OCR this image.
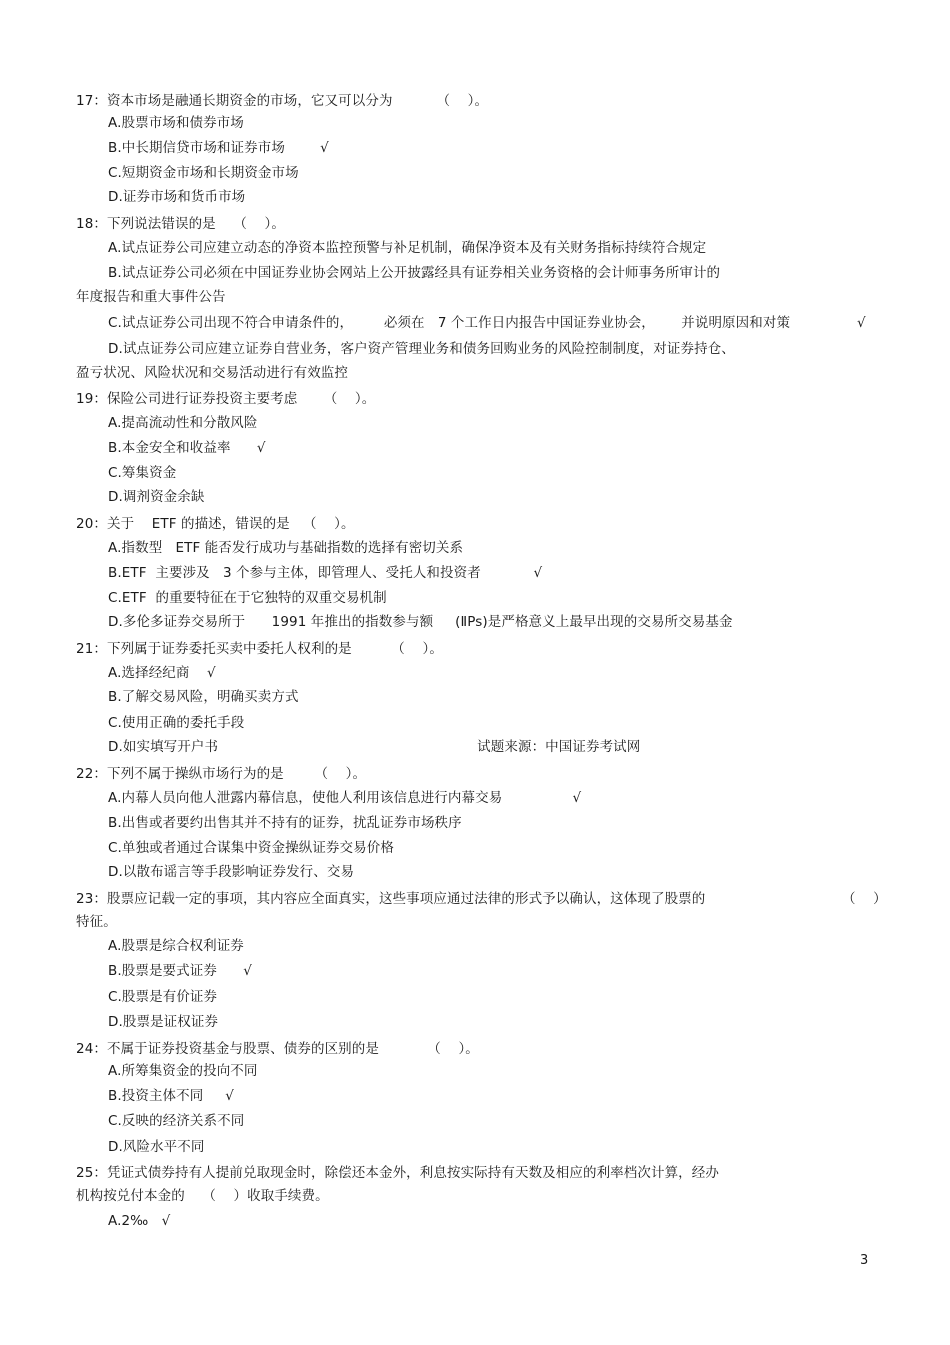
17：资本市场是融通长期资金的市场，它又可以分为          （    ）。
A.股票市场和债券市场
B.中长期信贷市场和证券市场        √
C.短期资金市场和长期资金市场
D.证券市场和货币市场
18：下列说法错误的是    （    ）。
A.试点证券公司应建立动态的净资本监控预警与补足机制，确保净资本及有关财务指标持续符合规定
B.试点证券公司必须在中国证券业协会网站上公开披露经具有证券相关业务资格的会计师事务所审计的
年度报告和重大事件公告
C.试点证券公司出现不符合申请条件的，       必须在   7 个工作日内报告中国证券业协会，      并说明原因和对策	√
D.试点证券公司应建立证券自营业务，客户资产管理业务和债务回购业务的风险控制制度，对证券持仓、
盈亏状况、风险状况和交易活动进行有效监控
19：保险公司进行证券投资主要考虑      （    ）。
A.提高流动性和分散风险
B.本金安全和收益率      √
C.筹集资金
D.调剂资金余缺
20：关于    ETF 的描述，错误的是   （    ）。
A.指数型   ETF 能否发行成功与基础指数的选择有密切关系
B.ETF  主要涉及   3 个参与主体，即管理人、受托人和投资者            √
C.ETF  的重要特征在于它独特的双重交易机制
D.多伦多证券交易所于      1991 年推出的指数参与额     (ⅡPs)是严格意义上最早出现的交易所交易基金
21：下列属于证券委托买卖中委托人权利的是         （    ）。
A.选择经纪商    √
B.了解交易风险，明确买卖方式
C.使用正确的委托手段
D.如实填写开户书                                                           试题来源：中国证券考试网
22：下列不属于操纵市场行为的是       （    ）。
A.内幕人员向他人泄露内幕信息，使他人利用该信息进行内幕交易                √
B.出售或者要约出售其并不持有的证券，扰乱证券市场秩序
C.单独或者通过合谋集中资金操纵证券交易价格
D.以散布谣言等手段影响证券发行、交易
23：股票应记载一定的事项，其内容应全面真实，这些事项应通过法律的形式予以确认，这体现了股票的	（    ）
特征。
A.股票是综合权利证券
B.股票是要式证券      √
C.股票是有价证券
D.股票是证权证券
24：不属于证券投资基金与股票、债券的区别的是           （    ）。
A.所筹集资金的投向不同
B.投资主体不同     √
C.反映的经济关系不同
D.风险水平不同
25：凭证式债券持有人提前兑取现金时，除偿还本金外，利息按实际持有天数及相应的利率档次计算，经办
机构按兑付本金的    （    ）收取手续费。
A.2‰   √
3
